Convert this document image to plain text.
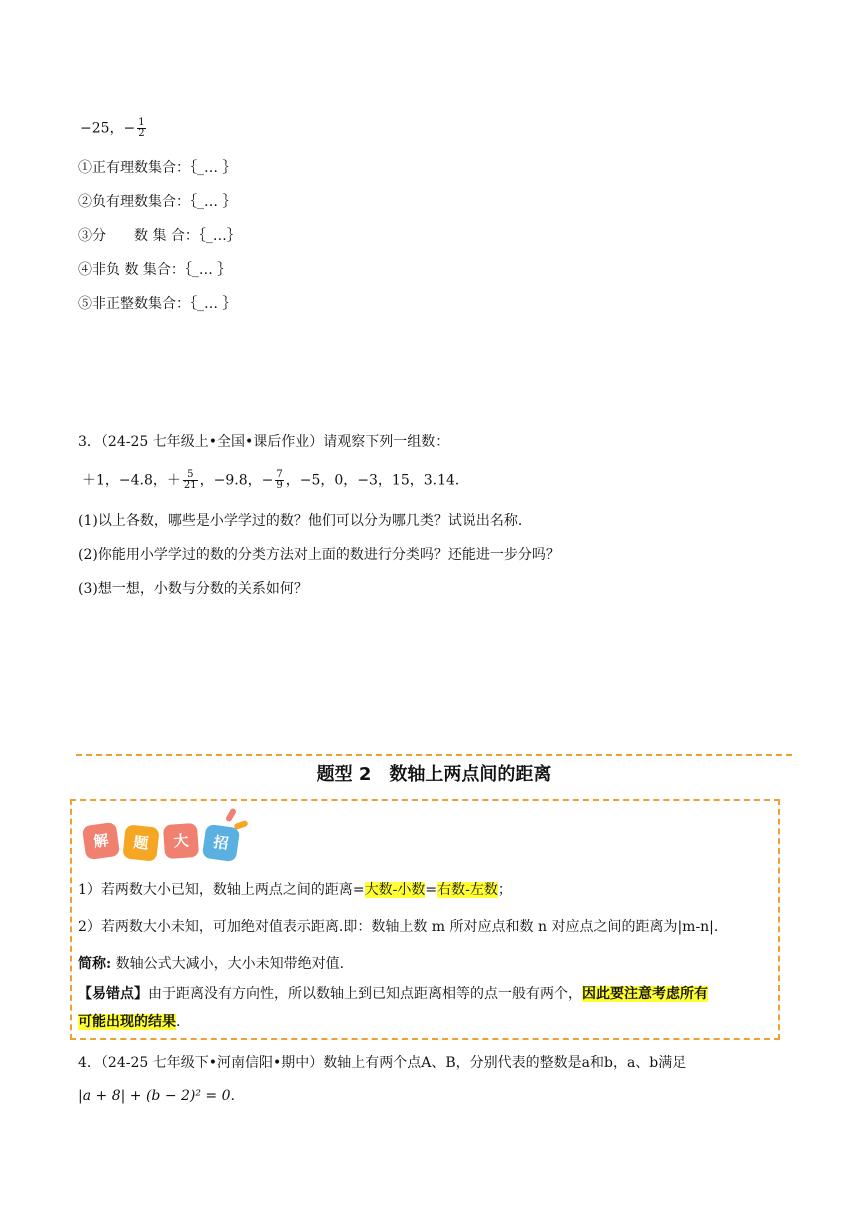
−25，− $\frac{1}{2}$
①正有理数集合：｛_… ｝
②负有理数集合：｛_… ｝
③分　　数 集 合：｛_…｝
④非负 数 集合：｛_… ｝
⑤非正整数集合：｛_… ｝
3．（24-25 七年级上•全国•课后作业）请观察下列一组数：
＋1，−4.8，＋ $\frac{5}{21}$ ，−9.8，− $\frac{7}{9}$ ，−5，0，−3，15，3.14．
(1)以上各数，哪些是小学学过的数？他们可以分为哪几类？试说出名称．
(2)你能用小学学过的数的分类方法对上面的数进行分类吗？还能进一步分吗？
(3)想一想，小数与分数的关系如何？
题型 2　数轴上两点间的距离
解	题	大	招
1）若两数大小已知，数轴上两点之间的距离=大数-小数=右数-左数；
2）若两数大小未知，可加绝对值表示距离.即：数轴上数 m 所对应点和数 n 对应点之间的距离为|m-n|.
简称: 数轴公式大减小，大小未知带绝对值.
【易错点】由于距离没有方向性，所以数轴上到已知点距离相等的点一般有两个，因此要注意考虑所有
可能出现的结果.
4．（24-25 七年级下•河南信阳•期中）数轴上有两个点A、B，分别代表的整数是a和b，a、b满足
|a + 8| + (b − 2)² = 0.
